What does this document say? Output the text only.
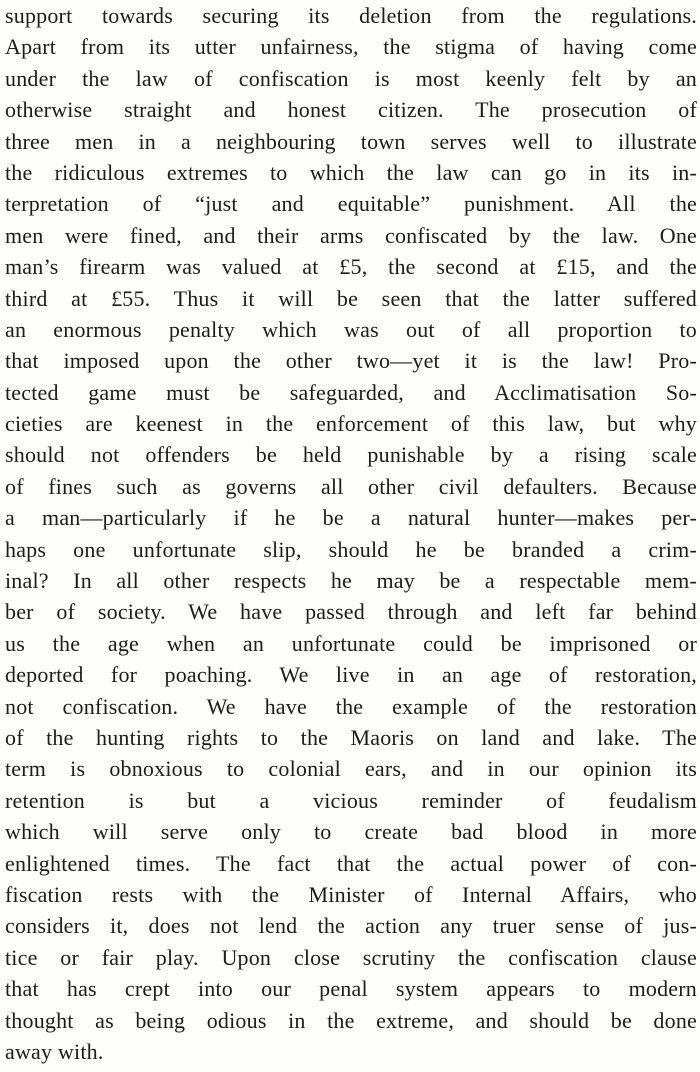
support towards securing its deletion from the regulations.
Apart from its utter unfairness, the stigma of having come
under the law of confiscation is most keenly felt by an
otherwise straight and honest citizen. The prosecution of
three men in a neighbouring town serves well to illustrate
the ridiculous extremes to which the law can go in its in-
terpretation of “just and equitable” punishment. All the
men were fined, and their arms confiscated by the law. One
man’s firearm was valued at £5, the second at £15, and the
third at £55. Thus it will be seen that the latter suffered
an enormous penalty which was out of all proportion to
that imposed upon the other two—yet it is the law! Pro-
tected game must be safeguarded, and Acclimatisation So-
cieties are keenest in the enforcement of this law, but why
should not offenders be held punishable by a rising scale
of fines such as governs all other civil defaulters. Because
a man—particularly if he be a natural hunter—makes per-
haps one unfortunate slip, should he be branded a crim-
inal? In all other respects he may be a respectable mem-
ber of society. We have passed through and left far behind
us the age when an unfortunate could be imprisoned or
deported for poaching. We live in an age of restoration,
not confiscation. We have the example of the restoration
of the hunting rights to the Maoris on land and lake. The
term is obnoxious to colonial ears, and in our opinion its
retention is but a vicious reminder of feudalism
which will serve only to create bad blood in more
enlightened times. The fact that the actual power of con-
fiscation rests with the Minister of Internal Affairs, who
considers it, does not lend the action any truer sense of jus-
tice or fair play. Upon close scrutiny the confiscation clause
that has crept into our penal system appears to modern
thought as being odious in the extreme, and should be done
away with.
